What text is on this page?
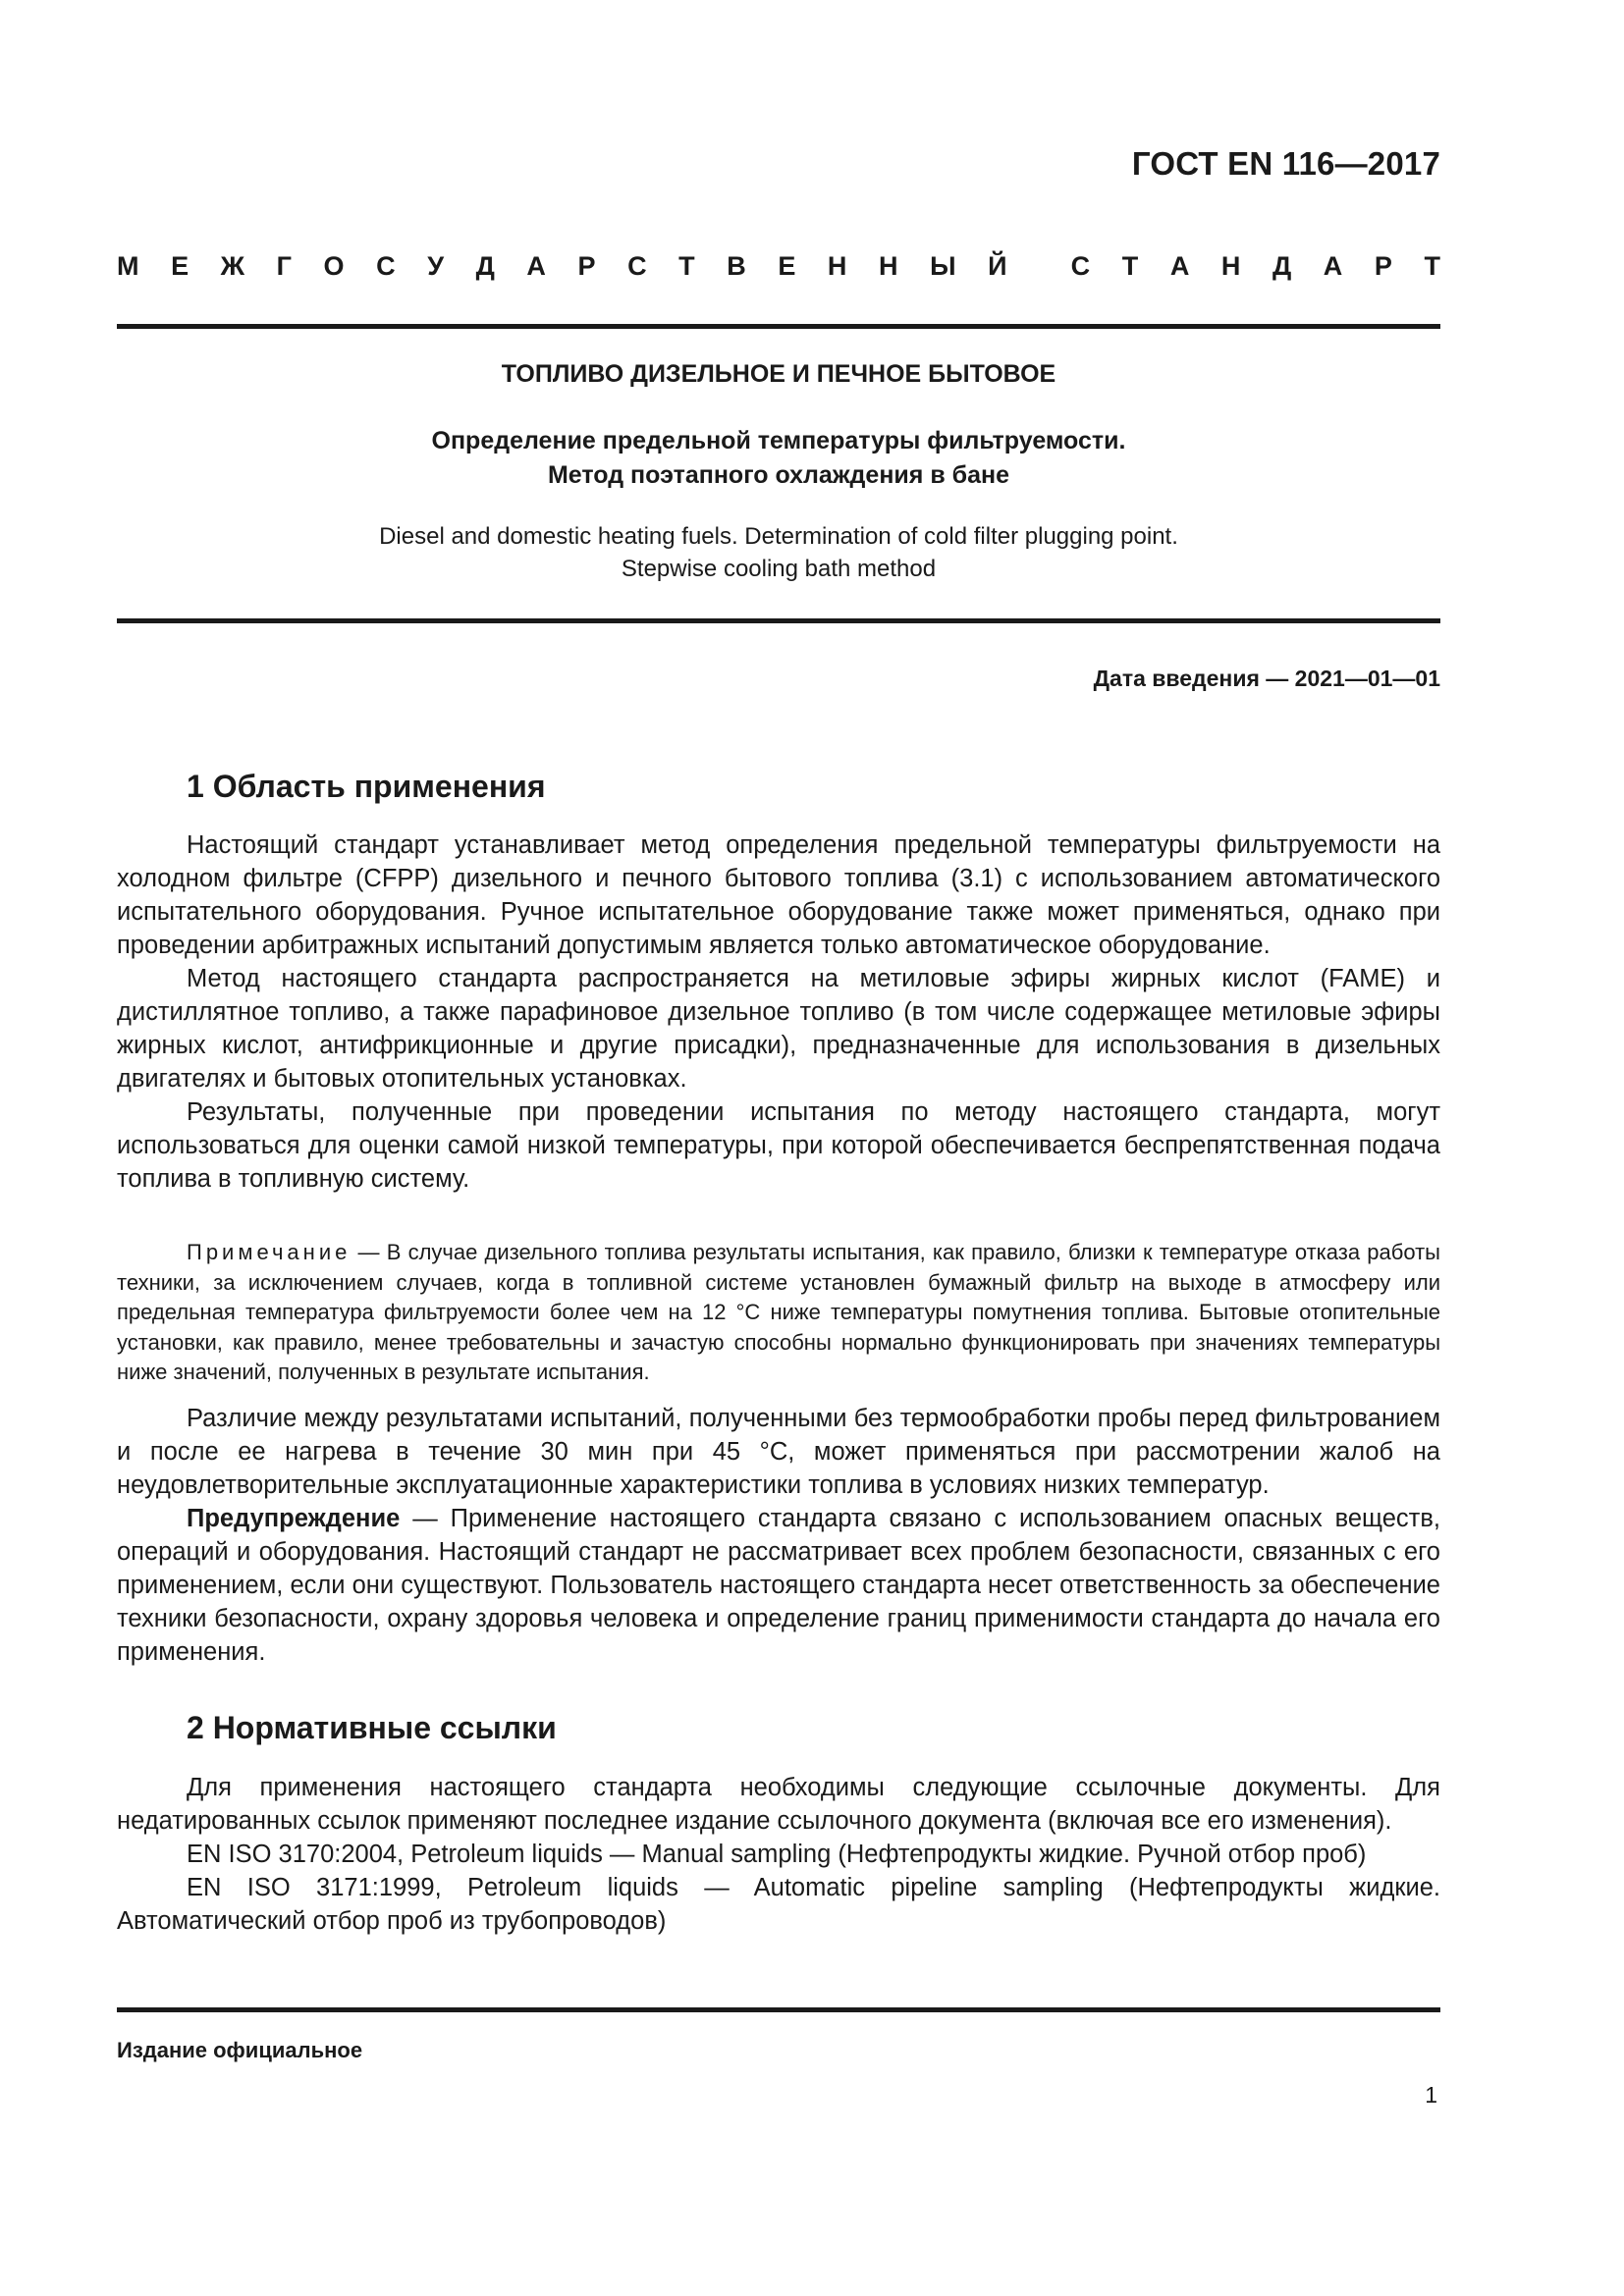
ГОСТ EN 116—2017
М Е Ж Г О С У Д А Р С Т В Е Н Н Ы Й С Т А Н Д А Р Т
ТОПЛИВО ДИЗЕЛЬНОЕ И ПЕЧНОЕ БЫТОВОЕ
Определение предельной температуры фильтруемости.
Метод поэтапного охлаждения в бане
Diesel and domestic heating fuels. Determination of cold filter plugging point.
Stepwise cooling bath method
Дата введения — 2021—01—01
1 Область применения

Настоящий стандарт устанавливает метод определения предельной температуры фильтруемости на холодном фильтре (CFPP) дизельного и печного бытового топлива (3.1) с использованием автоматического испытательного оборудования. Ручное испытательное оборудование также может применяться, однако при проведении арбитражных испытаний допустимым является только автоматическое оборудование.

Метод настоящего стандарта распространяется на метиловые эфиры жирных кислот (FAME) и дистиллятное топливо, а также парафиновое дизельное топливо (в том числе содержащее метиловые эфиры жирных кислот, антифрикционные и другие присадки), предназначенные для использования в дизельных двигателях и бытовых отопительных установках.

Результаты, полученные при проведении испытания по методу настоящего стандарта, могут использоваться для оценки самой низкой температуры, при которой обеспечивается беспрепятственная подача топлива в топливную систему.

Примечание — В случае дизельного топлива результаты испытания, как правило, близки к температуре отказа работы техники, за исключением случаев, когда в топливной системе установлен бумажный фильтр на выходе в атмосферу или предельная температура фильтруемости более чем на 12 °С ниже температуры помутнения топлива. Бытовые отопительные установки, как правило, менее требовательны и зачастую способны нормально функционировать при значениях температуры ниже значений, полученных в результате испытания.

Различие между результатами испытаний, полученными без термообработки пробы перед фильтрованием и после ее нагрева в течение 30 мин при 45 °С, может применяться при рассмотрении жалоб на неудовлетворительные эксплуатационные характеристики топлива в условиях низких температур.

Предупреждение — Применение настоящего стандарта связано с использованием опасных веществ, операций и оборудования. Настоящий стандарт не рассматривает всех проблем безопасности, связанных с его применением, если они существуют. Пользователь настоящего стандарта несет ответственность за обеспечение техники безопасности, охрану здоровья человека и определение границ применимости стандарта до начала его применения.

2 Нормативные ссылки

Для применения настоящего стандарта необходимы следующие ссылочные документы. Для недатированных ссылок применяют последнее издание ссылочного документа (включая все его изменения).

EN ISO 3170:2004, Petroleum liquids — Manual sampling (Нефтепродукты жидкие. Ручной отбор проб)

EN ISO 3171:1999, Petroleum liquids — Automatic pipeline sampling (Нефтепродукты жидкие. Автоматический отбор проб из трубопроводов)

Издание официальное
1
